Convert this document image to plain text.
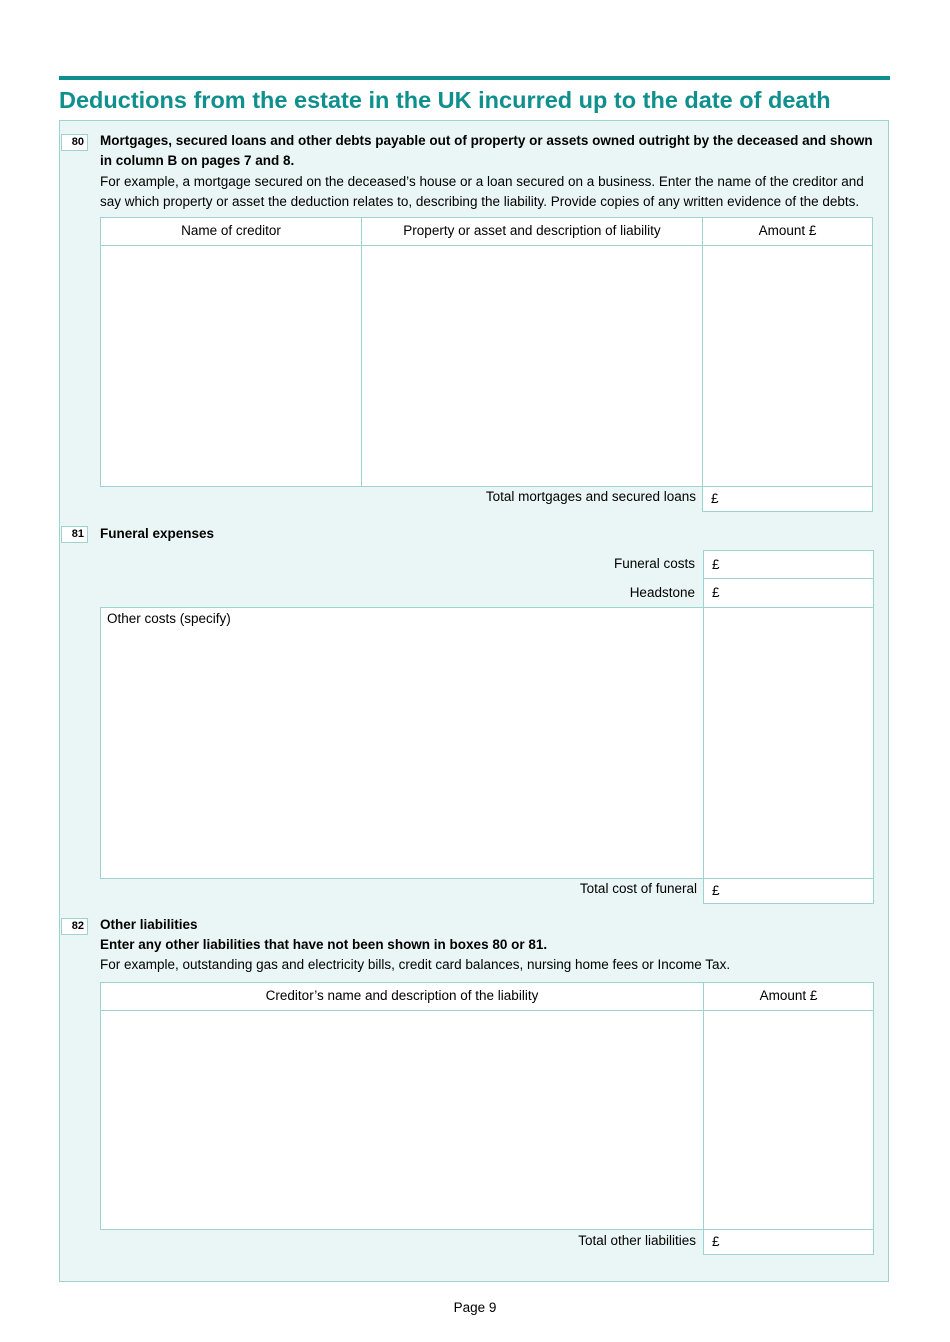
Deductions from the estate in the UK incurred up to the date of death
80 Mortgages, secured loans and other debts payable out of property or assets owned outright by the deceased and shown
in column B on pages 7 and 8.
For example, a mortgage secured on the deceased’s house or a loan secured on a business. Enter the name of the creditor and
say which property or asset the deduction relates to, describing the liability. Provide copies of any written evidence of the debts.
Name of creditor	Property or asset and description of liability	Amount £
Total mortgages and secured loans £
81 Funeral expenses
Funeral costs £
Headstone £
Other costs (specify)
Total cost of funeral £
82 Other liabilities
Enter any other liabilities that have not been shown in boxes 80 or 81.
For example, outstanding gas and electricity bills, credit card balances, nursing home fees or Income Tax.
Creditor’s name and description of the liability	Amount £
Total other liabilities £
Page 9
